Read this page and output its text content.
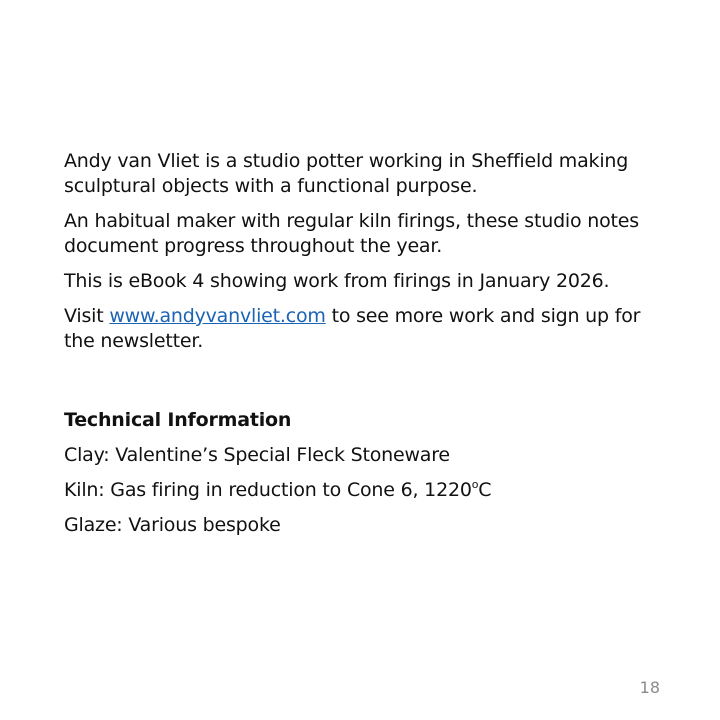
Andy van Vliet is a studio potter working in Sheffield making sculptural objects with a functional purpose.

An habitual maker with regular kiln firings, these studio notes document progress throughout the year.

This is eBook 4 showing work from firings in January 2026.

Visit www.andyvanvliet.com to see more work and sign up for the newsletter.

Technical Information

Clay: Valentine’s Special Fleck Stoneware

Kiln: Gas firing in reduction to Cone 6, 1220$^o$C

Glaze: Various bespoke

18
